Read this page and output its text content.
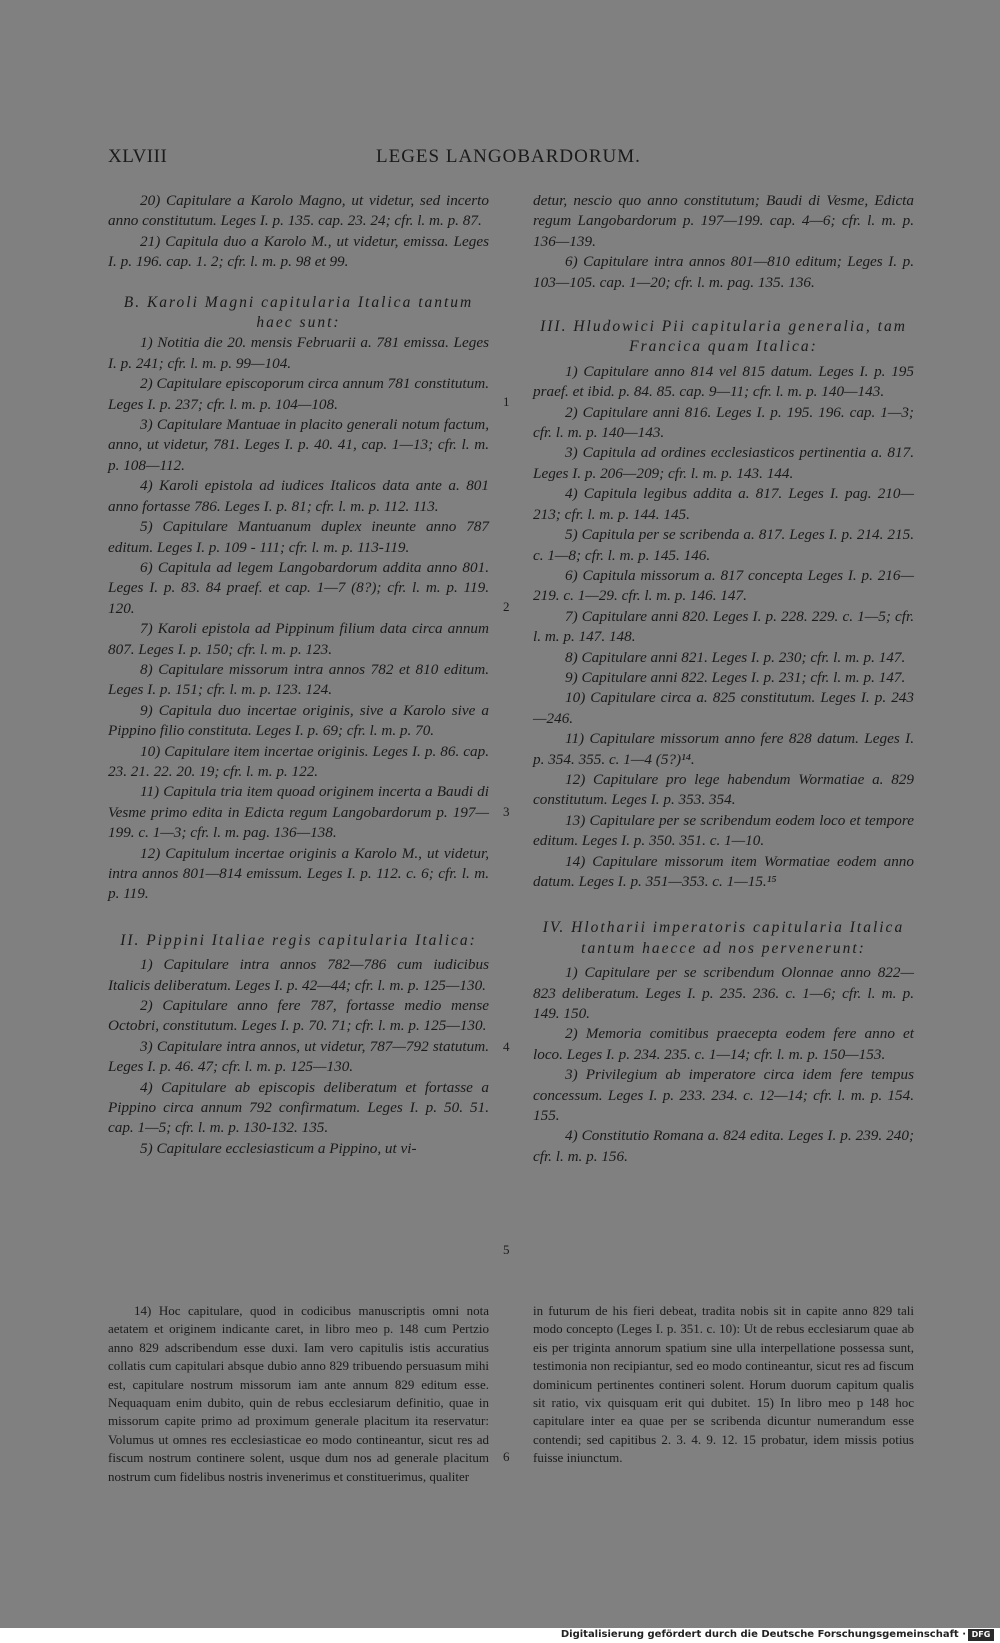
XLVIII	LEGES LANGOBARDORUM.

20) Capitulare a Karolo Magno, ut videtur, sed incerto anno constitutum. Leges I. p. 135. cap. 23. 24; cfr. l. m. p. 87.

21) Capitula duo a Karolo M., ut videtur, emissa. Leges I. p. 196. cap. 1. 2; cfr. l. m. p. 98 et 99.

B. Karoli Magni capitularia Italica tantum haec sunt:

1) Notitia die 20. mensis Februarii a. 781 emissa. Leges I. p. 241; cfr. l. m. p. 99—104.

2) Capitulare episcoporum circa annum 781 constitutum. Leges I. p. 237; cfr. l. m. p. 104—108.

3) Capitulare Mantuae in placito generali notum factum, anno, ut videtur, 781. Leges I. p. 40. 41, cap. 1—13; cfr. l. m. p. 108—112.

4) Karoli epistola ad iudices Italicos data ante a. 801 anno fortasse 786. Leges I. p. 81; cfr. l. m. p. 112. 113.

5) Capitulare Mantuanum duplex ineunte anno 787 editum. Leges I. p. 109 - 111; cfr. l. m. p. 113-119.

6) Capitula ad legem Langobardorum addita anno 801. Leges I. p. 83. 84 praef. et cap. 1—7 (8?); cfr. l. m. p. 119. 120.

7) Karoli epistola ad Pippinum filium data circa annum 807. Leges I. p. 150; cfr. l. m. p. 123.

8) Capitulare missorum intra annos 782 et 810 editum. Leges I. p. 151; cfr. l. m. p. 123. 124.

9) Capitula duo incertae originis, sive a Karolo sive a Pippino filio constituta. Leges I. p. 69; cfr. l. m. p. 70.

10) Capitulare item incertae originis. Leges I. p. 86. cap. 23. 21. 22. 20. 19; cfr. l. m. p. 122.

11) Capitula tria item quoad originem incerta a Baudi di Vesme primo edita in Edicta regum Langobardorum p. 197—199. c. 1—3; cfr. l. m. pag. 136—138.

12) Capitulum incertae originis a Karolo M., ut videtur, intra annos 801—814 emissum. Leges I. p. 112. c. 6; cfr. l. m. p. 119.

II. Pippini Italiae regis capitularia Italica:

1) Capitulare intra annos 782—786 cum iudicibus Italicis deliberatum. Leges I. p. 42—44; cfr. l. m. p. 125—130.

2) Capitulare anno fere 787, fortasse medio mense Octobri, constitutum. Leges I. p. 70. 71; cfr. l. m. p. 125—130.

3) Capitulare intra annos, ut videtur, 787—792 statutum. Leges I. p. 46. 47; cfr. l. m. p. 125—130.

4) Capitulare ab episcopis deliberatum et fortasse a Pippino circa annum 792 confirmatum. Leges I. p. 50. 51. cap. 1—5; cfr. l. m. p. 130-132. 135.

5) Capitulare ecclesiasticum a Pippino, ut vi-

1
2
3
4
5
6

detur, nescio quo anno constitutum; Baudi di Vesme, Edicta regum Langobardorum p. 197—199. cap. 4—6; cfr. l. m. p. 136—139.

6) Capitulare intra annos 801—810 editum; Leges I. p. 103—105. cap. 1—20; cfr. l. m. pag. 135. 136.

III. Hludowici Pii capitularia generalia, tam Francica quam Italica:

1) Capitulare anno 814 vel 815 datum. Leges I. p. 195 praef. et ibid. p. 84. 85. cap. 9—11; cfr. l. m. p. 140—143.

2) Capitulare anni 816. Leges I. p. 195. 196. cap. 1—3; cfr. l. m. p. 140—143.

3) Capitula ad ordines ecclesiasticos pertinentia a. 817. Leges I. p. 206—209; cfr. l. m. p. 143. 144.

4) Capitula legibus addita a. 817. Leges I. pag. 210—213; cfr. l. m. p. 144. 145.

5) Capitula per se scribenda a. 817. Leges I. p. 214. 215. c. 1—8; cfr. l. m. p. 145. 146.

6) Capitula missorum a. 817 concepta Leges I. p. 216—219. c. 1—29. cfr. l. m. p. 146. 147.

7) Capitulare anni 820. Leges I. p. 228. 229. c. 1—5; cfr. l. m. p. 147. 148.

8) Capitulare anni 821. Leges I. p. 230; cfr. l. m. p. 147.

9) Capitulare anni 822. Leges I. p. 231; cfr. l. m. p. 147.

10) Capitulare circa a. 825 constitutum. Leges I. p. 243—246.

11) Capitulare missorum anno fere 828 datum. Leges I. p. 354. 355. c. 1—4 (5?)¹⁴.

12) Capitulare pro lege habendum Wormatiae a. 829 constitutum. Leges I. p. 353. 354.

13) Capitulare per se scribendum eodem loco et tempore editum. Leges I. p. 350. 351. c. 1—10.

14) Capitulare missorum item Wormatiae eodem anno datum. Leges I. p. 351—353. c. 1—15.¹⁵

IV. Hlotharii imperatoris capitularia Italica tantum haecce ad nos pervenerunt:

1) Capitulare per se scribendum Olonnae anno 822—823 deliberatum. Leges I. p. 235. 236. c. 1—6; cfr. l. m. p. 149. 150.

2) Memoria comitibus praecepta eodem fere anno et loco. Leges I. p. 234. 235. c. 1—14; cfr. l. m. p. 150—153.

3) Privilegium ab imperatore circa idem fere tempus concessum. Leges I. p. 233. 234. c. 12—14; cfr. l. m. p. 154. 155.

4) Constitutio Romana a. 824 edita. Leges I. p. 239. 240; cfr. l. m. p. 156.

14) Hoc capitulare, quod in codicibus manuscriptis omni nota aetatem et originem indicante caret, in libro meo p. 148 cum Pertzio anno 829 adscribendum esse duxi. Iam vero capitulis istis accuratius collatis cum capitulari absque dubio anno 829 tribuendo persuasum mihi est, capitulare nostrum missorum iam ante annum 829 editum esse. Nequaquam enim dubito, quin de rebus ecclesiarum definitio, quae in missorum capite primo ad proximum generale placitum ita reservatur: Volumus ut omnes res ecclesiasticae eo modo contineantur, sicut res ad fiscum nostrum continere solent, usque dum nos ad generale placitum nostrum cum fidelibus nostris invenerimus et constituerimus, qualiter

in futurum de his fieri debeat, tradita nobis sit in capite anno 829 tali modo concepto (Leges I. p. 351. c. 10): Ut de rebus ecclesiarum quae ab eis per triginta annorum spatium sine ulla interpellatione possessa sunt, testimonia non recipiantur, sed eo modo contineantur, sicut res ad fiscum dominicum pertinentes contineri solent. Horum duorum capitum qualis sit ratio, vix quisquam erit qui dubitet. 15) In libro meo p 148 hoc capitulare inter ea quae per se scribenda dicuntur numerandum esse contendi; sed capitibus 2. 3. 4. 9. 12. 15 probatur, idem missis potius fuisse iniunctum.

Digitalisierung gefördert durch die Deutsche Forschungsgemeinschaft · DFG
